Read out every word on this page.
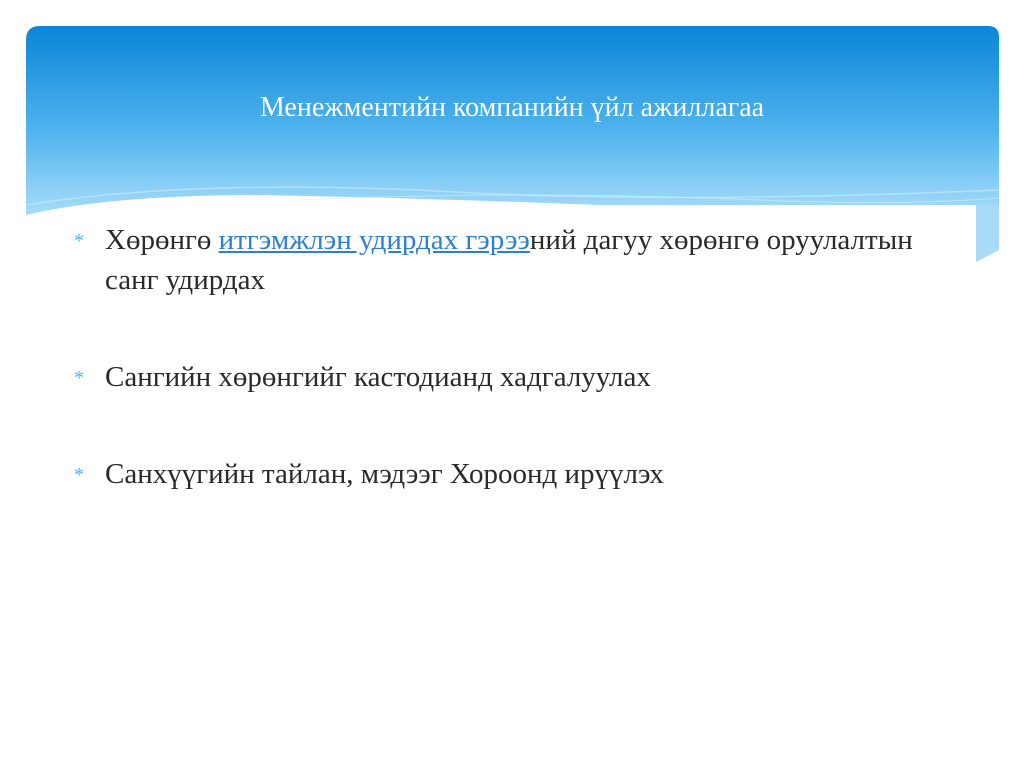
Менежментийн компанийн үйл ажиллагаа
* Хөрөнгө итгэмжлэн удирдах гэрээний дагуу хөрөнгө оруулалтын санг удирдах
* Сангийн хөрөнгийг кастодианд хадгалуулах
* Санхүүгийн тайлан, мэдээг Хороонд ирүүлэх
